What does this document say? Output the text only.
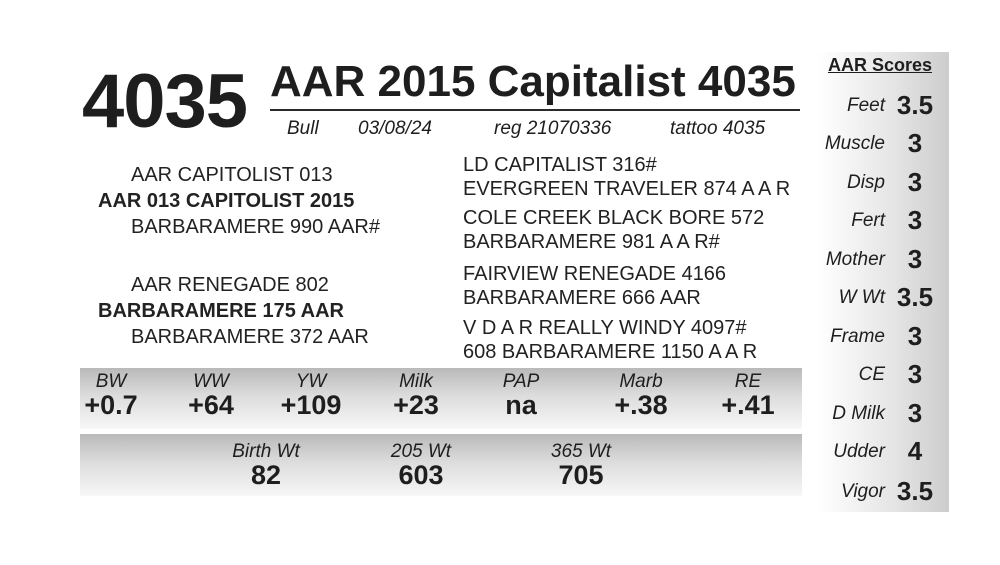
4035 AAR 2015 Capitalist 4035
Bull 03/08/24	reg 21070336	tattoo 4035
AAR CAPITOLIST 013
AAR 013 CAPITOLIST 2015
BARBARAMERE 990 AAR#
LD CAPITALIST 316#
EVERGREEN TRAVELER 874 A A R
COLE CREEK BLACK BORE 572
BARBARAMERE 981 A A R#
AAR RENEGADE 802
BARBARAMERE 175 AAR
BARBARAMERE 372 AAR
FAIRVIEW RENEGADE 4166
BARBARAMERE 666 AAR
V D A R REALLY WINDY 4097#
608 BARBARAMERE 1150 A A R
BW
+0.7
WW
+64
YW
+109
Milk
+23
PAP
na
Marb
+.38
RE
+.41
Birth Wt
82
205 Wt
603
365 Wt
705
AAR Scores
Feet 3.5
Muscle 3
Disp 3
Fert 3
Mother 3
W Wt 3.5
Frame 3
CE 3
D Milk 3
Udder 4
Vigor 3.5
